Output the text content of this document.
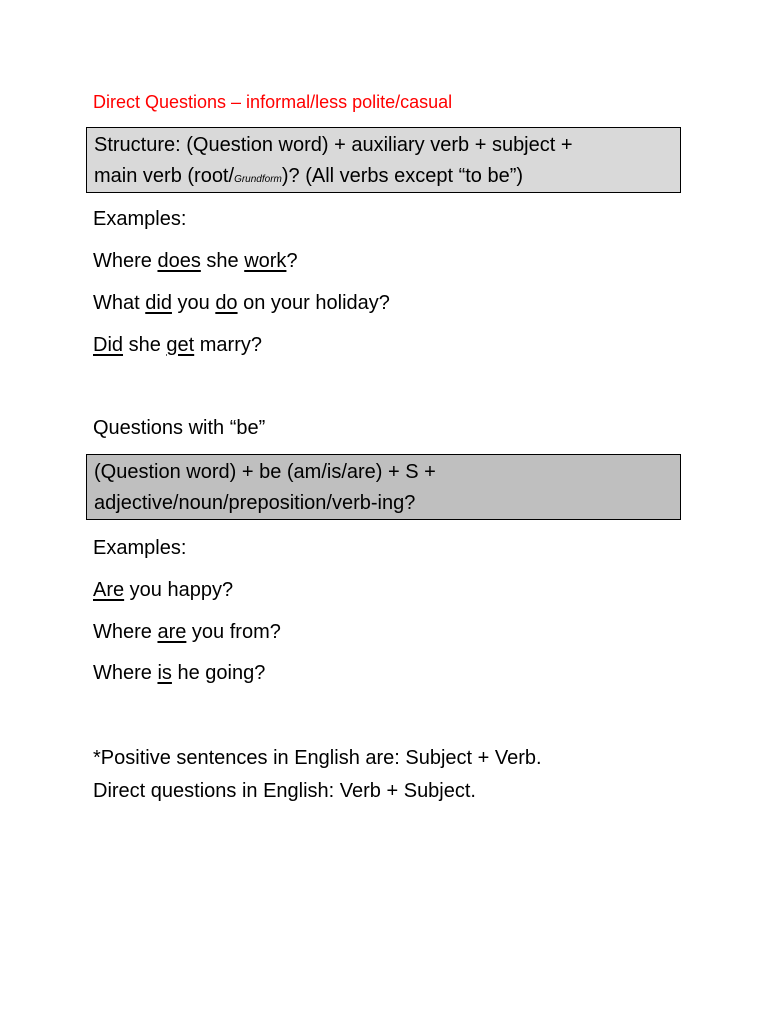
Direct Questions – informal/less polite/casual
Structure: (Question word) + auxiliary verb + subject +
main verb (root/Grundform)? (All verbs except “to be”)
Examples:
Where does she work?
What did you do on your holiday?
Did she get marry?
Questions with “be”
(Question word) + be (am/is/are) + S +
adjective/noun/preposition/verb-ing?
Examples:
Are you happy?
Where are you from?
Where is he going?
*Positive sentences in English are: Subject + Verb.
Direct questions in English: Verb + Subject.
